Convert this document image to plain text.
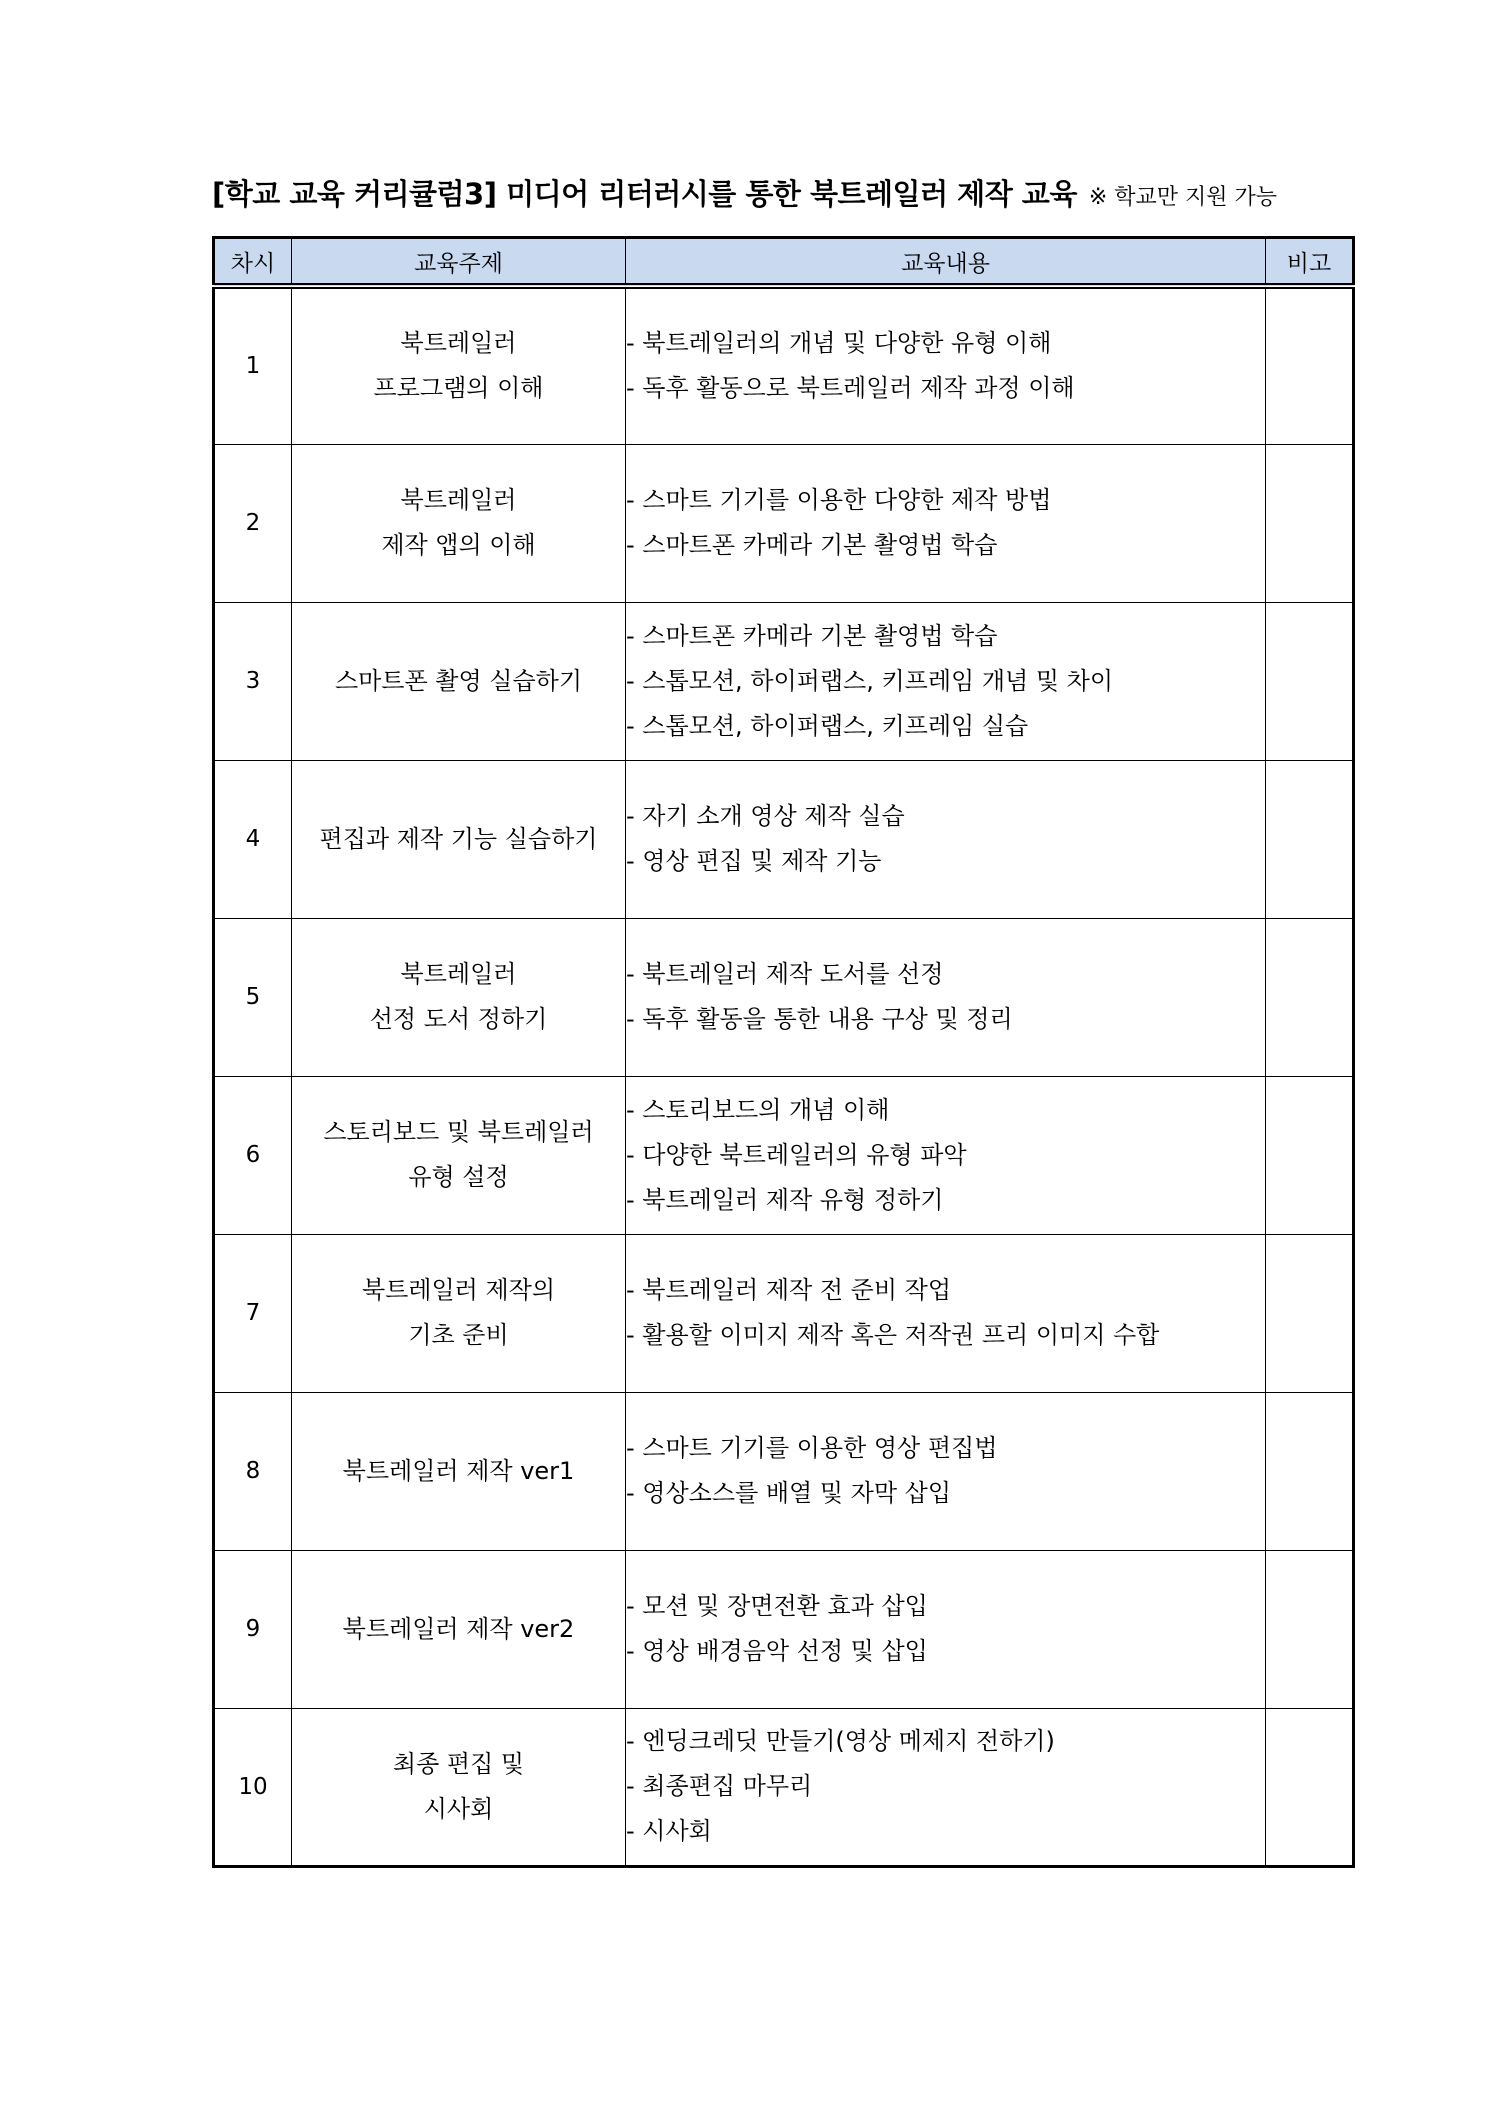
[학교 교육 커리큘럼3] 미디어 리터러시를 통한 북트레일러 제작 교육 ※ 학교만 지원 가능
차시	교육주제	교육내용	비고
1	북트레일러
프로그램의 이해	- 북트레일러의 개념 및 다양한 유형 이해
- 독후 활동으로 북트레일러 제작 과정 이해	

2	북트레일러
제작 앱의 이해	- 스마트 기기를 이용한 다양한 제작 방법
- 스마트폰 카메라 기본 촬영법 학습	

3	스마트폰 촬영 실습하기	- 스마트폰 카메라 기본 촬영법 학습
- 스톱모션, 하이퍼랩스, 키프레임 개념 및 차이
- 스톱모션, 하이퍼랩스, 키프레임 실습	

4	편집과 제작 기능 실습하기	- 자기 소개 영상 제작 실습
- 영상 편집 및 제작 기능	

5	북트레일러
선정 도서 정하기	- 북트레일러 제작 도서를 선정
- 독후 활동을 통한 내용 구상 및 정리	

6	스토리보드 및 북트레일러
유형 설정	- 스토리보드의 개념 이해
- 다양한 북트레일러의 유형 파악
- 북트레일러 제작 유형 정하기	

7	북트레일러 제작의
기초 준비	- 북트레일러 제작 전 준비 작업
- 활용할 이미지 제작 혹은 저작권 프리 이미지 수합	

8	북트레일러 제작 ver1	- 스마트 기기를 이용한 영상 편집법
- 영상소스를 배열 및 자막 삽입	

9	북트레일러 제작 ver2	- 모션 및 장면전환 효과 삽입
- 영상 배경음악 선정 및 삽입	

10	최종 편집 및
시사회	- 엔딩크레딧 만들기(영상 메제지 전하기)
- 최종편집 마무리
- 시사회	
